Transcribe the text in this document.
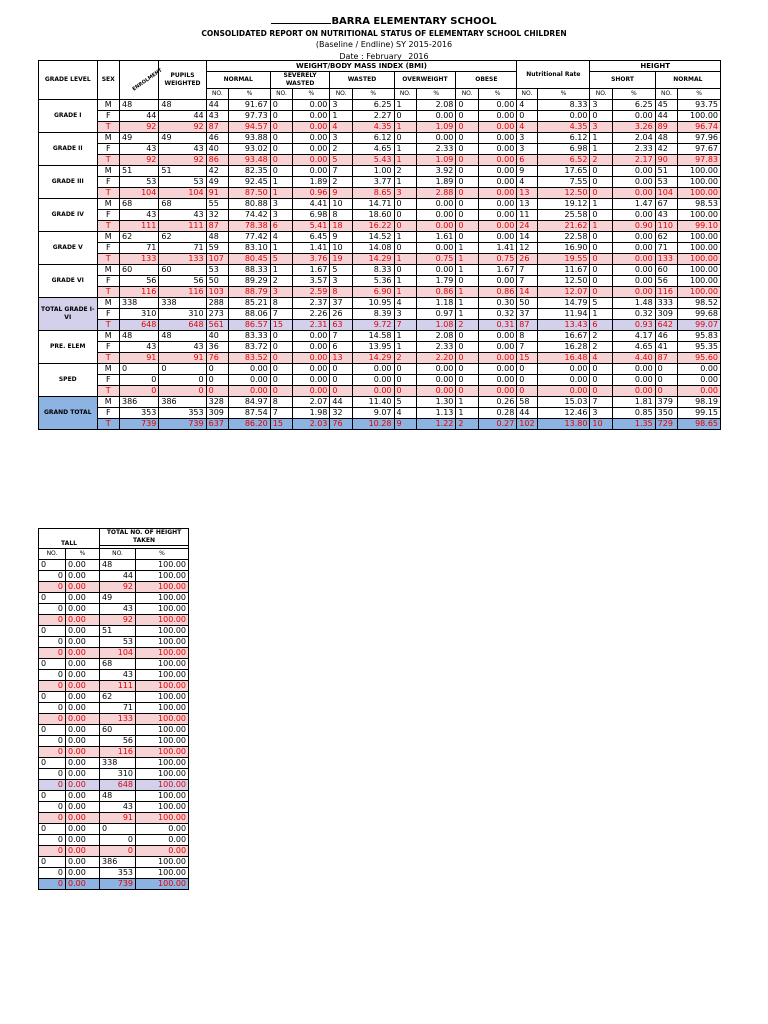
BARRA ELEMENTARY SCHOOL
CONSOLIDATED REPORT ON NUTRITIONAL STATUS OF ELEMENTARY SCHOOL CHILDREN
(Baseline / Endline) SY 2015-2016
Date : February _2016
GRADE LEVEL	SEX	ENROLMENT	PUPILS WEIGHTED	WEIGHT/BODY MASS INDEX (BMI)										Nutritional Rate		HEIGHT			
				NORMAL		SEVERELY WASTED		WASTED		OVERWEIGHT		OBESE				SHORT		NORMAL	
				NO.	%	NO.	%	NO.	%	NO.	%	NO.	%	NO.	%	NO.	%	NO.	%
GRADE I	M	48	48	44	91.67	0	0.00	3	6.25	1	2.08	0	0.00	4	8.33	3	6.25	45	93.75
	F	44	44	43	97.73	0	0.00	1	2.27	0	0.00	0	0.00	0	0.00	0	0.00	44	100.00
	T	92	92	87	94.57	0	0.00	4	4.35	1	1.09	0	0.00	4	4.35	3	3.26	89	96.74
GRADE II	M	49	49	46	93.88	0	0.00	3	6.12	0	0.00	0	0.00	3	6.12	1	2.04	48	97.96
	F	43	43	40	93.02	0	0.00	2	4.65	1	2.33	0	0.00	3	6.98	1	2.33	42	97.67
	T	92	92	86	93.48	0	0.00	5	5.43	1	1.09	0	0.00	6	6.52	2	2.17	90	97.83
GRADE III	M	51	51	42	82.35	0	0.00	7	1.00	2	3.92	0	0.00	9	17.65	0	0.00	51	100.00
	F	53	53	49	92.45	1	1.89	2	3.77	1	1.89	0	0.00	4	7.55	0	0.00	53	100.00
	T	104	104	91	87.50	1	0.96	9	8.65	3	2.88	0	0.00	13	12.50	0	0.00	104	100.00
GRADE IV	M	68	68	55	80.88	3	4.41	10	14.71	0	0.00	0	0.00	13	19.12	1	1.47	67	98.53
	F	43	43	32	74.42	3	6.98	8	18.60	0	0.00	0	0.00	11	25.58	0	0.00	43	100.00
	T	111	111	87	78.38	6	5.41	18	16.22	0	0.00	0	0.00	24	21.62	1	0.90	110	99.10
GRADE V	M	62	62	48	77.42	4	6.45	9	14.52	1	1.61	0	0.00	14	22.58	0	0.00	62	100.00
	F	71	71	59	83.10	1	1.41	10	14.08	0	0.00	1	1.41	12	16.90	0	0.00	71	100.00
	T	133	133	107	80.45	5	3.76	19	14.29	1	0.75	1	0.75	26	19.55	0	0.00	133	100.00
GRADE VI	M	60	60	53	88.33	1	1.67	5	8.33	0	0.00	1	1.67	7	11.67	0	0.00	60	100.00
	F	56	56	50	89.29	2	3.57	3	5.36	1	1.79	0	0.00	7	12.50	0	0.00	56	100.00
	T	116	116	103	88.79	3	2.59	8	6.90	1	0.86	1	0.86	14	12.07	0	0.00	116	100.00
TOTAL GRADE I-VI	M	338	338	288	85.21	8	2.37	37	10.95	4	1.18	1	0.30	50	14.79	5	1.48	333	98.52
	F	310	310	273	88.06	7	2.26	26	8.39	3	0.97	1	0.32	37	11.94	1	0.32	309	99.68
	T	648	648	561	86.57	15	2.31	63	9.72	7	1.08	2	0.31	87	13.43	6	0.93	642	99.07
PRE. ELEM	M	48	48	40	83.33	0	0.00	7	14.58	1	2.08	0	0.00	8	16.67	2	4.17	46	95.83
	F	43	43	36	83.72	0	0.00	6	13.95	1	2.33	0	0.00	7	16.28	2	4.65	41	95.35
	T	91	91	76	83.52	0	0.00	13	14.29	2	2.20	0	0.00	15	16.48	4	4.40	87	95.60
SPED	M	0	0	0	0.00	0	0.00	0	0.00	0	0.00	0	0.00	0	0.00	0	0.00	0	0.00
	F	0	0	0	0.00	0	0.00	0	0.00	0	0.00	0	0.00	0	0.00	0	0.00	0	0.00
	T	0	0	0	0.00	0	0.00	0	0.00	0	0.00	0	0.00	0	0.00	0	0.00	0	0.00
GRAND TOTAL	M	386	386	328	84.97	8	2.07	44	11.40	5	1.30	1	0.26	58	15.03	7	1.81	379	98.19
	F	353	353	309	87.54	7	1.98	32	9.07	4	1.13	1	0.28	44	12.46	3	0.85	350	99.15
	T	739	739	637	86.20	15	2.03	76	10.28	9	1.22	2	0.27	102	13.80	10	1.35	729	98.65
TALL		TOTAL NO. OF HEIGHT TAKEN	

NO.	%	NO.	%
0	0.00	48	100.00
0	0.00	44	100.00
0	0.00	92	100.00
0	0.00	49	100.00
0	0.00	43	100.00
0	0.00	92	100.00
0	0.00	51	100.00
0	0.00	53	100.00
0	0.00	104	100.00
0	0.00	68	100.00
0	0.00	43	100.00
0	0.00	111	100.00
0	0.00	62	100.00
0	0.00	71	100.00
0	0.00	133	100.00
0	0.00	60	100.00
0	0.00	56	100.00
0	0.00	116	100.00
0	0.00	338	100.00
0	0.00	310	100.00
0	0.00	648	100.00
0	0.00	48	100.00
0	0.00	43	100.00
0	0.00	91	100.00
0	0.00	0	0.00
0	0.00	0	0.00
0	0.00	0	0.00
0	0.00	386	100.00
0	0.00	353	100.00
0	0.00	739	100.00
